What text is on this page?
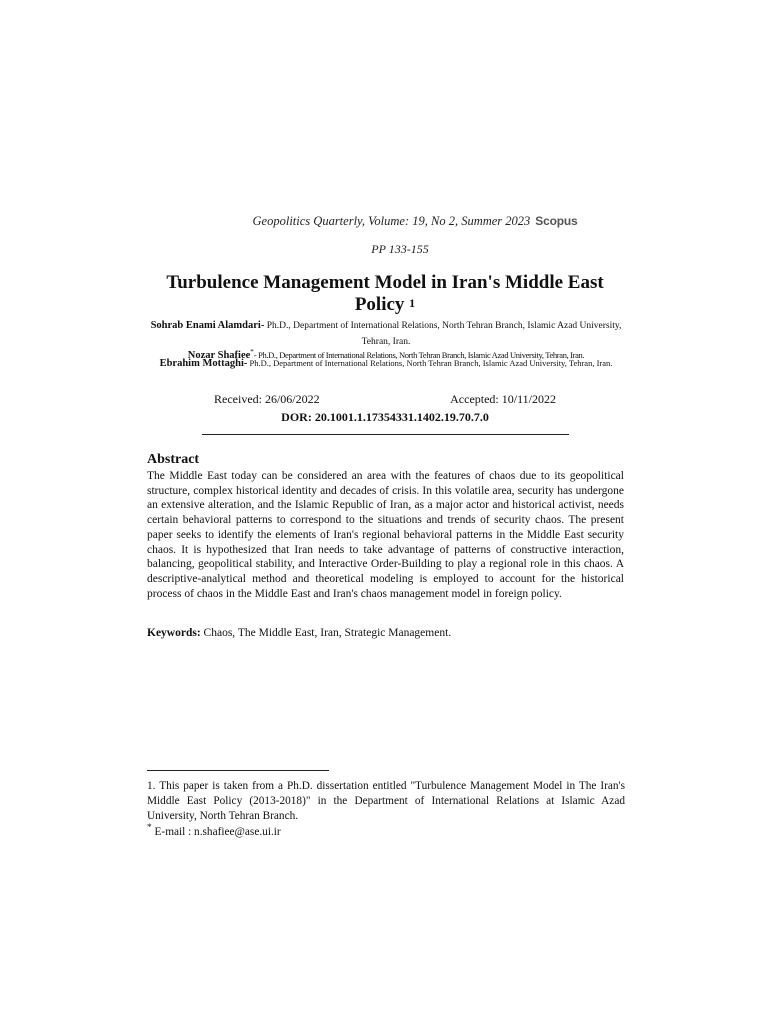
Geopolitics Quarterly, Volume: 19, No 2, Summer 2023 Scopus
PP 133-155
Turbulence Management Model in Iran's Middle East Policy $^1$
Sohrab Enami Alamdari- Ph.D., Department of International Relations, North Tehran Branch, Islamic Azad University, Tehran, Iran.
Nozar Shafiee*- Ph.D., Department of International Relations, North Tehran Branch, Islamic Azad University, Tehran, Iran.
Ebrahim Mottaghi- Ph.D., Department of International Relations, North Tehran Branch, Islamic Azad University, Tehran, Iran.
Received: 26/06/2022	Accepted: 10/11/2022
DOR: 20.1001.1.17354331.1402.19.70.7.0
Abstract
The Middle East today can be considered an area with the features of chaos due to its geopolitical structure, complex historical identity and decades of crisis. In this volatile area, security has undergone an extensive alteration, and the Islamic Republic of Iran, as a major actor and historical activist, needs certain behavioral patterns to correspond to the situations and trends of security chaos. The present paper seeks to identify the elements of Iran's regional behavioral patterns in the Middle East security chaos. It is hypothesized that Iran needs to take advantage of patterns of constructive interaction, balancing, geopolitical stability, and Interactive Order-Building to play a regional role in this chaos. A descriptive-analytical method and theoretical modeling is employed to account for the historical process of chaos in the Middle East and Iran's chaos management model in foreign policy.
Keywords: Chaos, The Middle East, Iran, Strategic Management.
1. This paper is taken from a Ph.D. dissertation entitled "Turbulence Management Model in The Iran's Middle East Policy (2013-2018)" in the Department of International Relations at Islamic Azad University, North Tehran Branch.
* E-mail : n.shafiee@ase.ui.ir
